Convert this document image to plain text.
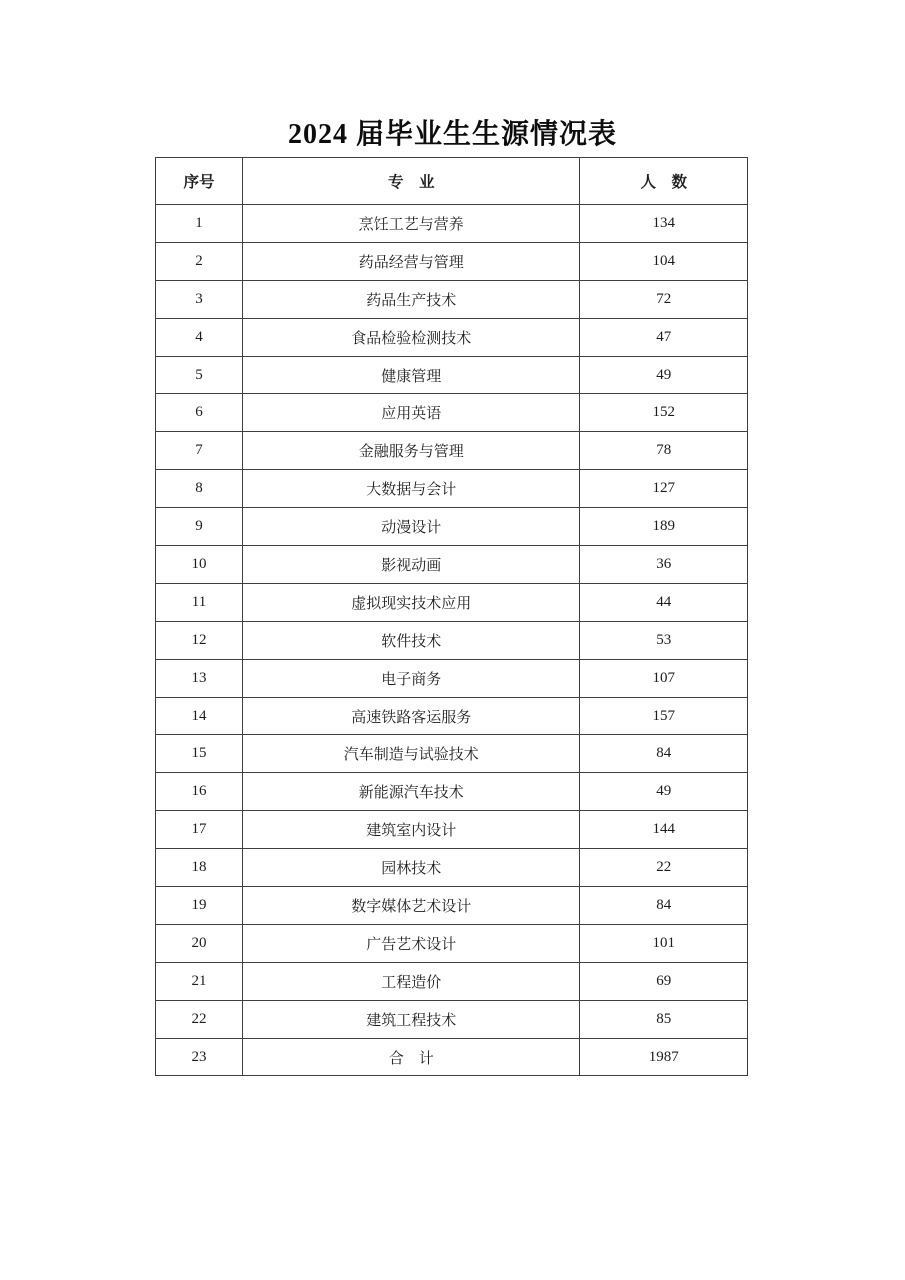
2024 届毕业生生源情况表
序号	专　业	人　数
1	烹饪工艺与营养	134
2	药品经营与管理	104
3	药品生产技术	72
4	食品检验检测技术	47
5	健康管理	49
6	应用英语	152
7	金融服务与管理	78
8	大数据与会计	127
9	动漫设计	189
10	影视动画	36
11	虚拟现实技术应用	44
12	软件技术	53
13	电子商务	107
14	高速铁路客运服务	157
15	汽车制造与试验技术	84
16	新能源汽车技术	49
17	建筑室内设计	144
18	园林技术	22
19	数字媒体艺术设计	84
20	广告艺术设计	101
21	工程造价	69
22	建筑工程技术	85
23	合　计	1987
